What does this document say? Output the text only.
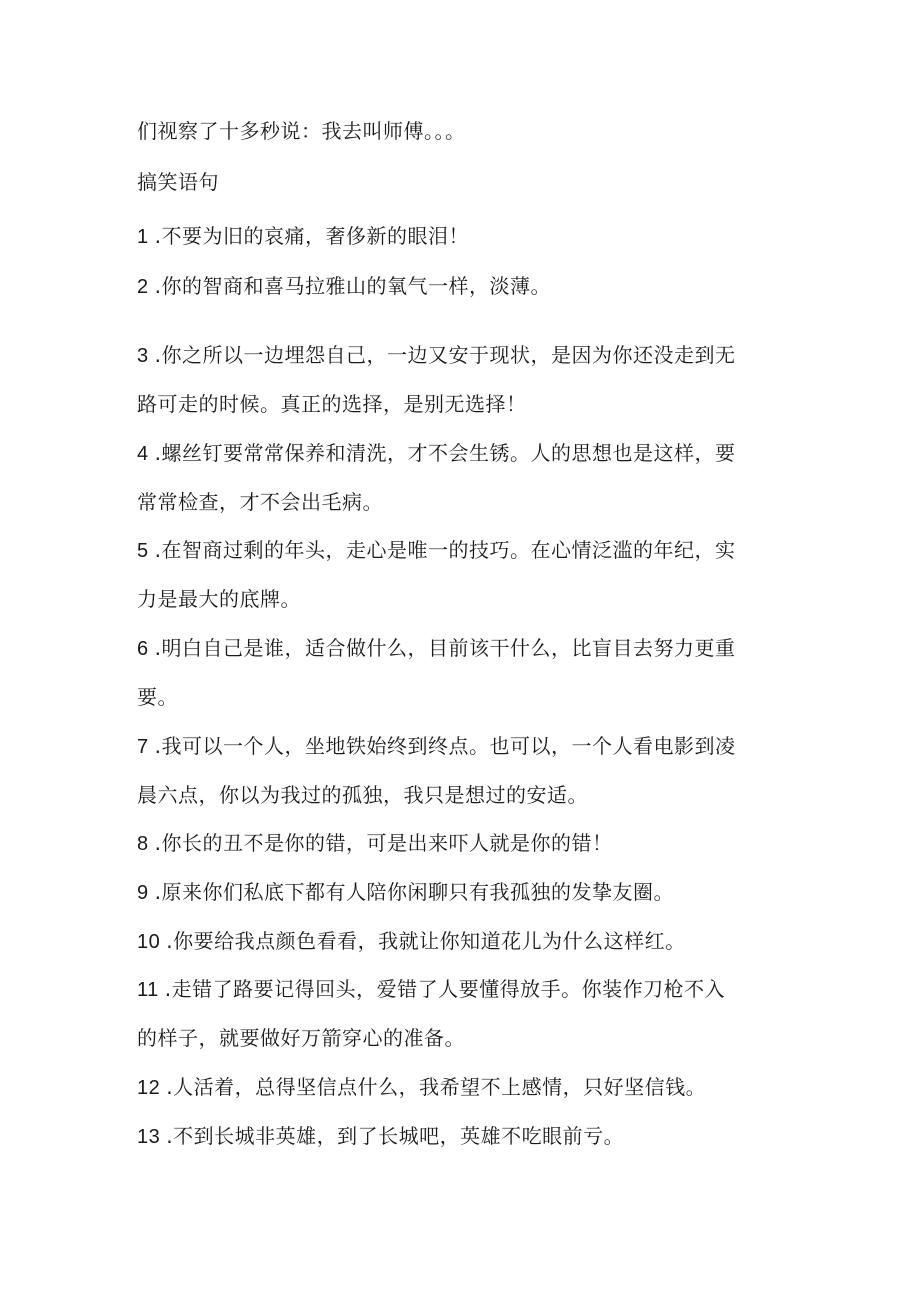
们视察了十多秒说：我去叫师傅。。。
搞笑语句
1 .不要为旧的哀痛，奢侈新的眼泪！
2 .你的智商和喜马拉雅山的氧气一样，淡薄。
3 .你之所以一边埋怨自己，一边又安于现状，是因为你还没走到无
路可走的时候。真正的选择，是别无选择！
4 .螺丝钉要常常保养和清洗，才不会生锈。人的思想也是这样，要
常常检查，才不会出毛病。
5 .在智商过剩的年头，走心是唯一的技巧。在心情泛滥的年纪，实
力是最大的底牌。
6 .明白自己是谁，适合做什么，目前该干什么，比盲目去努力更重
要。
7 .我可以一个人，坐地铁始终到终点。也可以，一个人看电影到凌
晨六点，你以为我过的孤独，我只是想过的安适。
8 .你长的丑不是你的错，可是出来吓人就是你的错！
9 .原来你们私底下都有人陪你闲聊只有我孤独的发挚友圈。
10 .你要给我点颜色看看，我就让你知道花儿为什么这样红。
11 .走错了路要记得回头，爱错了人要懂得放手。你装作刀枪不入
的样子，就要做好万箭穿心的准备。
12 .人活着，总得坚信点什么，我希望不上感情，只好坚信钱。
13 .不到长城非英雄，到了长城吧，英雄不吃眼前亏。
